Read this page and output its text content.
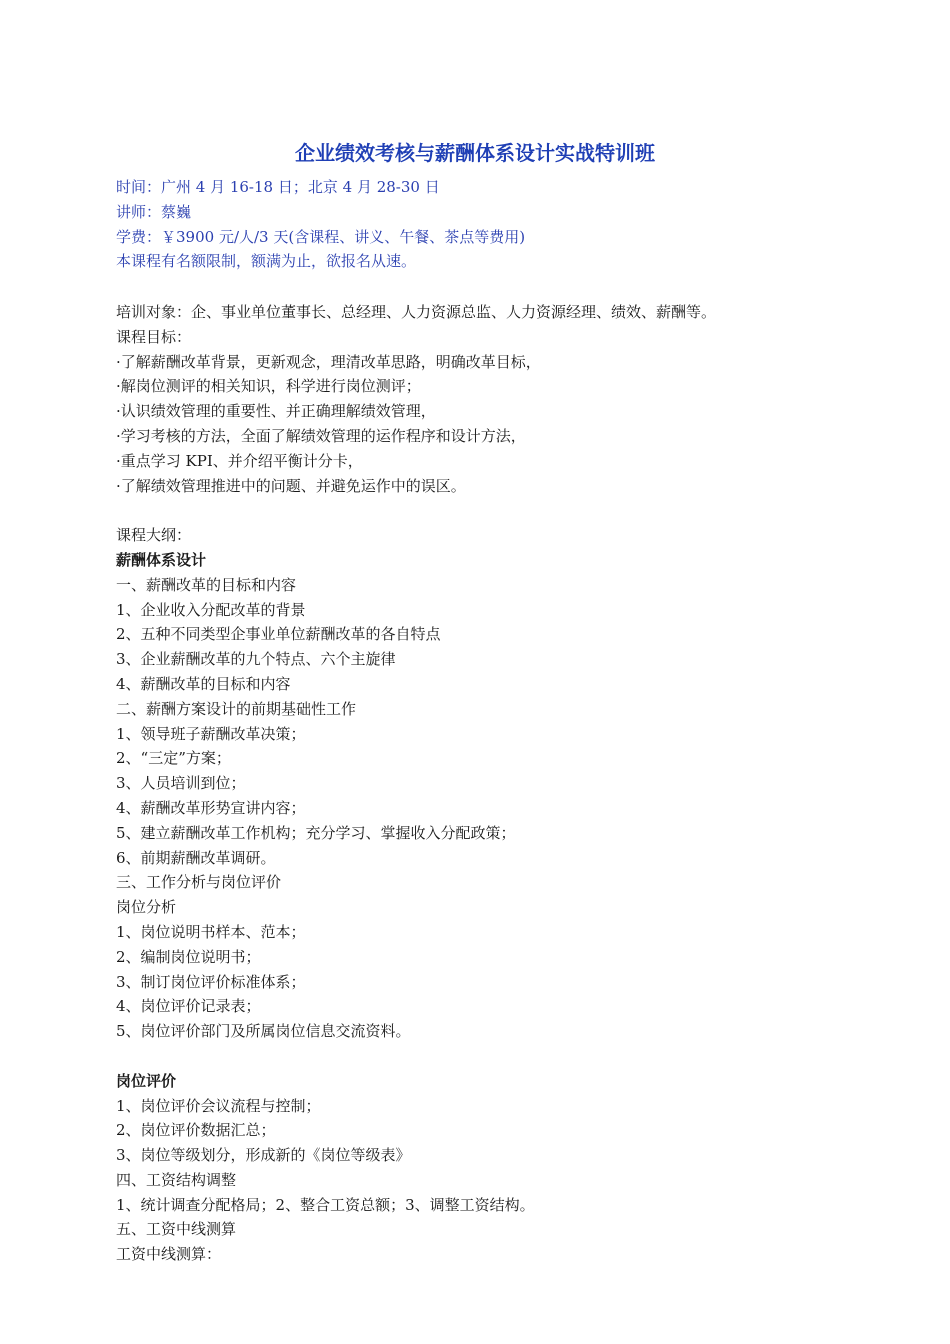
企业绩效考核与薪酬体系设计实战特训班
时间：广州 4 月 16-18 日；北京 4 月 28-30 日
讲师：蔡巍
学费：￥3900 元/人/3 天(含课程、讲义、午餐、茶点等费用)
本课程有名额限制，额满为止，欲报名从速。
培训对象：企、事业单位董事长、总经理、人力资源总监、人力资源经理、绩效、薪酬等。
课程目标：
·了解薪酬改革背景，更新观念，理清改革思路，明确改革目标，
·解岗位测评的相关知识，科学进行岗位测评；
·认识绩效管理的重要性、并正确理解绩效管理，
·学习考核的方法，全面了解绩效管理的运作程序和设计方法，
·重点学习 KPI、并介绍平衡计分卡，
·了解绩效管理推进中的问题、并避免运作中的误区。
课程大纲：
薪酬体系设计
一、薪酬改革的目标和内容
1、企业收入分配改革的背景
2、五种不同类型企事业单位薪酬改革的各自特点
3、企业薪酬改革的九个特点、六个主旋律
4、薪酬改革的目标和内容
二、薪酬方案设计的前期基础性工作
1、领导班子薪酬改革决策；
2、“三定”方案；
3、人员培训到位；
4、薪酬改革形势宣讲内容；
5、建立薪酬改革工作机构；充分学习、掌握收入分配政策；
6、前期薪酬改革调研。
三、工作分析与岗位评价
岗位分析
1、岗位说明书样本、范本；
2、编制岗位说明书；
3、制订岗位评价标准体系；
4、岗位评价记录表；
5、岗位评价部门及所属岗位信息交流资料。
岗位评价
1、岗位评价会议流程与控制；
2、岗位评价数据汇总；
3、岗位等级划分，形成新的《岗位等级表》
四、工资结构调整
1、统计调查分配格局；2、整合工资总额；3、调整工资结构。
五、工资中线测算
工资中线测算：
